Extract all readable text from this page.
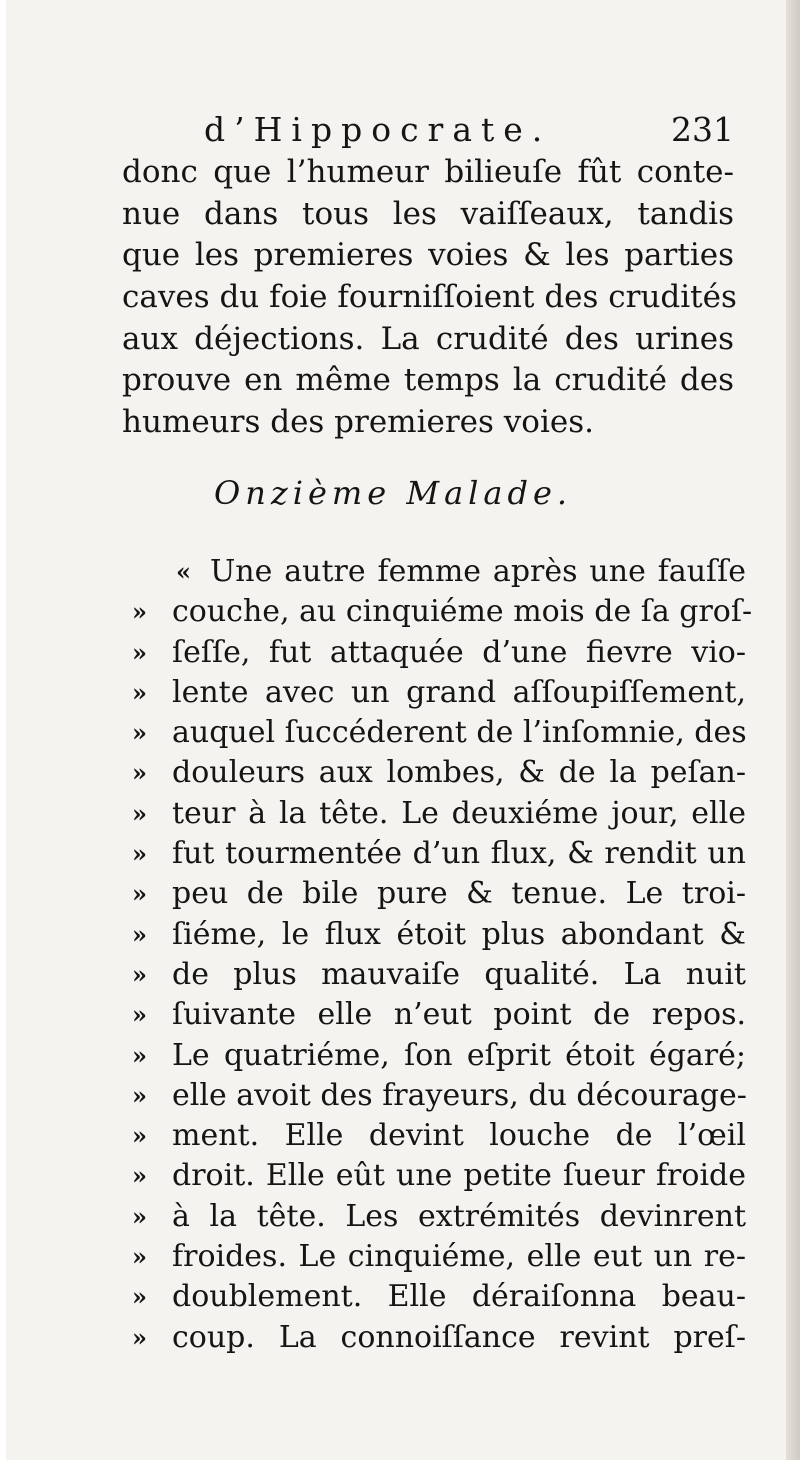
d’Hippocrate.	231
donc que l’humeur bilieuſe fût conte-
nue dans tous les vaiſſeaux, tandis
que les premieres voies & les parties
caves du foie fourniſſoient des crudités
aux déjections. La crudité des urines
prouve en même temps la crudité des
humeurs des premieres voies.
Onzième Malade.
« Une autre femme après une fauſſe
» couche, au cinquiéme mois de ſa groſ-
» ſeſſe, fut attaquée d’une fievre vio-
» lente avec un grand aſſoupiſſement,
» auquel ſuccéderent de l’inſomnie, des
» douleurs aux lombes, & de la peſan-
» teur à la tête. Le deuxiéme jour, elle
» fut tourmentée d’un flux, & rendit un
» peu de bile pure & tenue. Le troi-
» ſiéme, le flux étoit plus abondant &
» de plus mauvaiſe qualité. La nuit
» ſuivante elle n’eut point de repos.
» Le quatriéme, ſon eſprit étoit égaré;
» elle avoit des frayeurs, du décourage-
» ment. Elle devint louche de l’œil
» droit. Elle eût une petite ſueur froide
» à la tête. Les extrémités devinrent
» froides. Le cinquiéme, elle eut un re-
» doublement. Elle déraiſonna beau-
» coup. La connoiſſance revint preſ-
